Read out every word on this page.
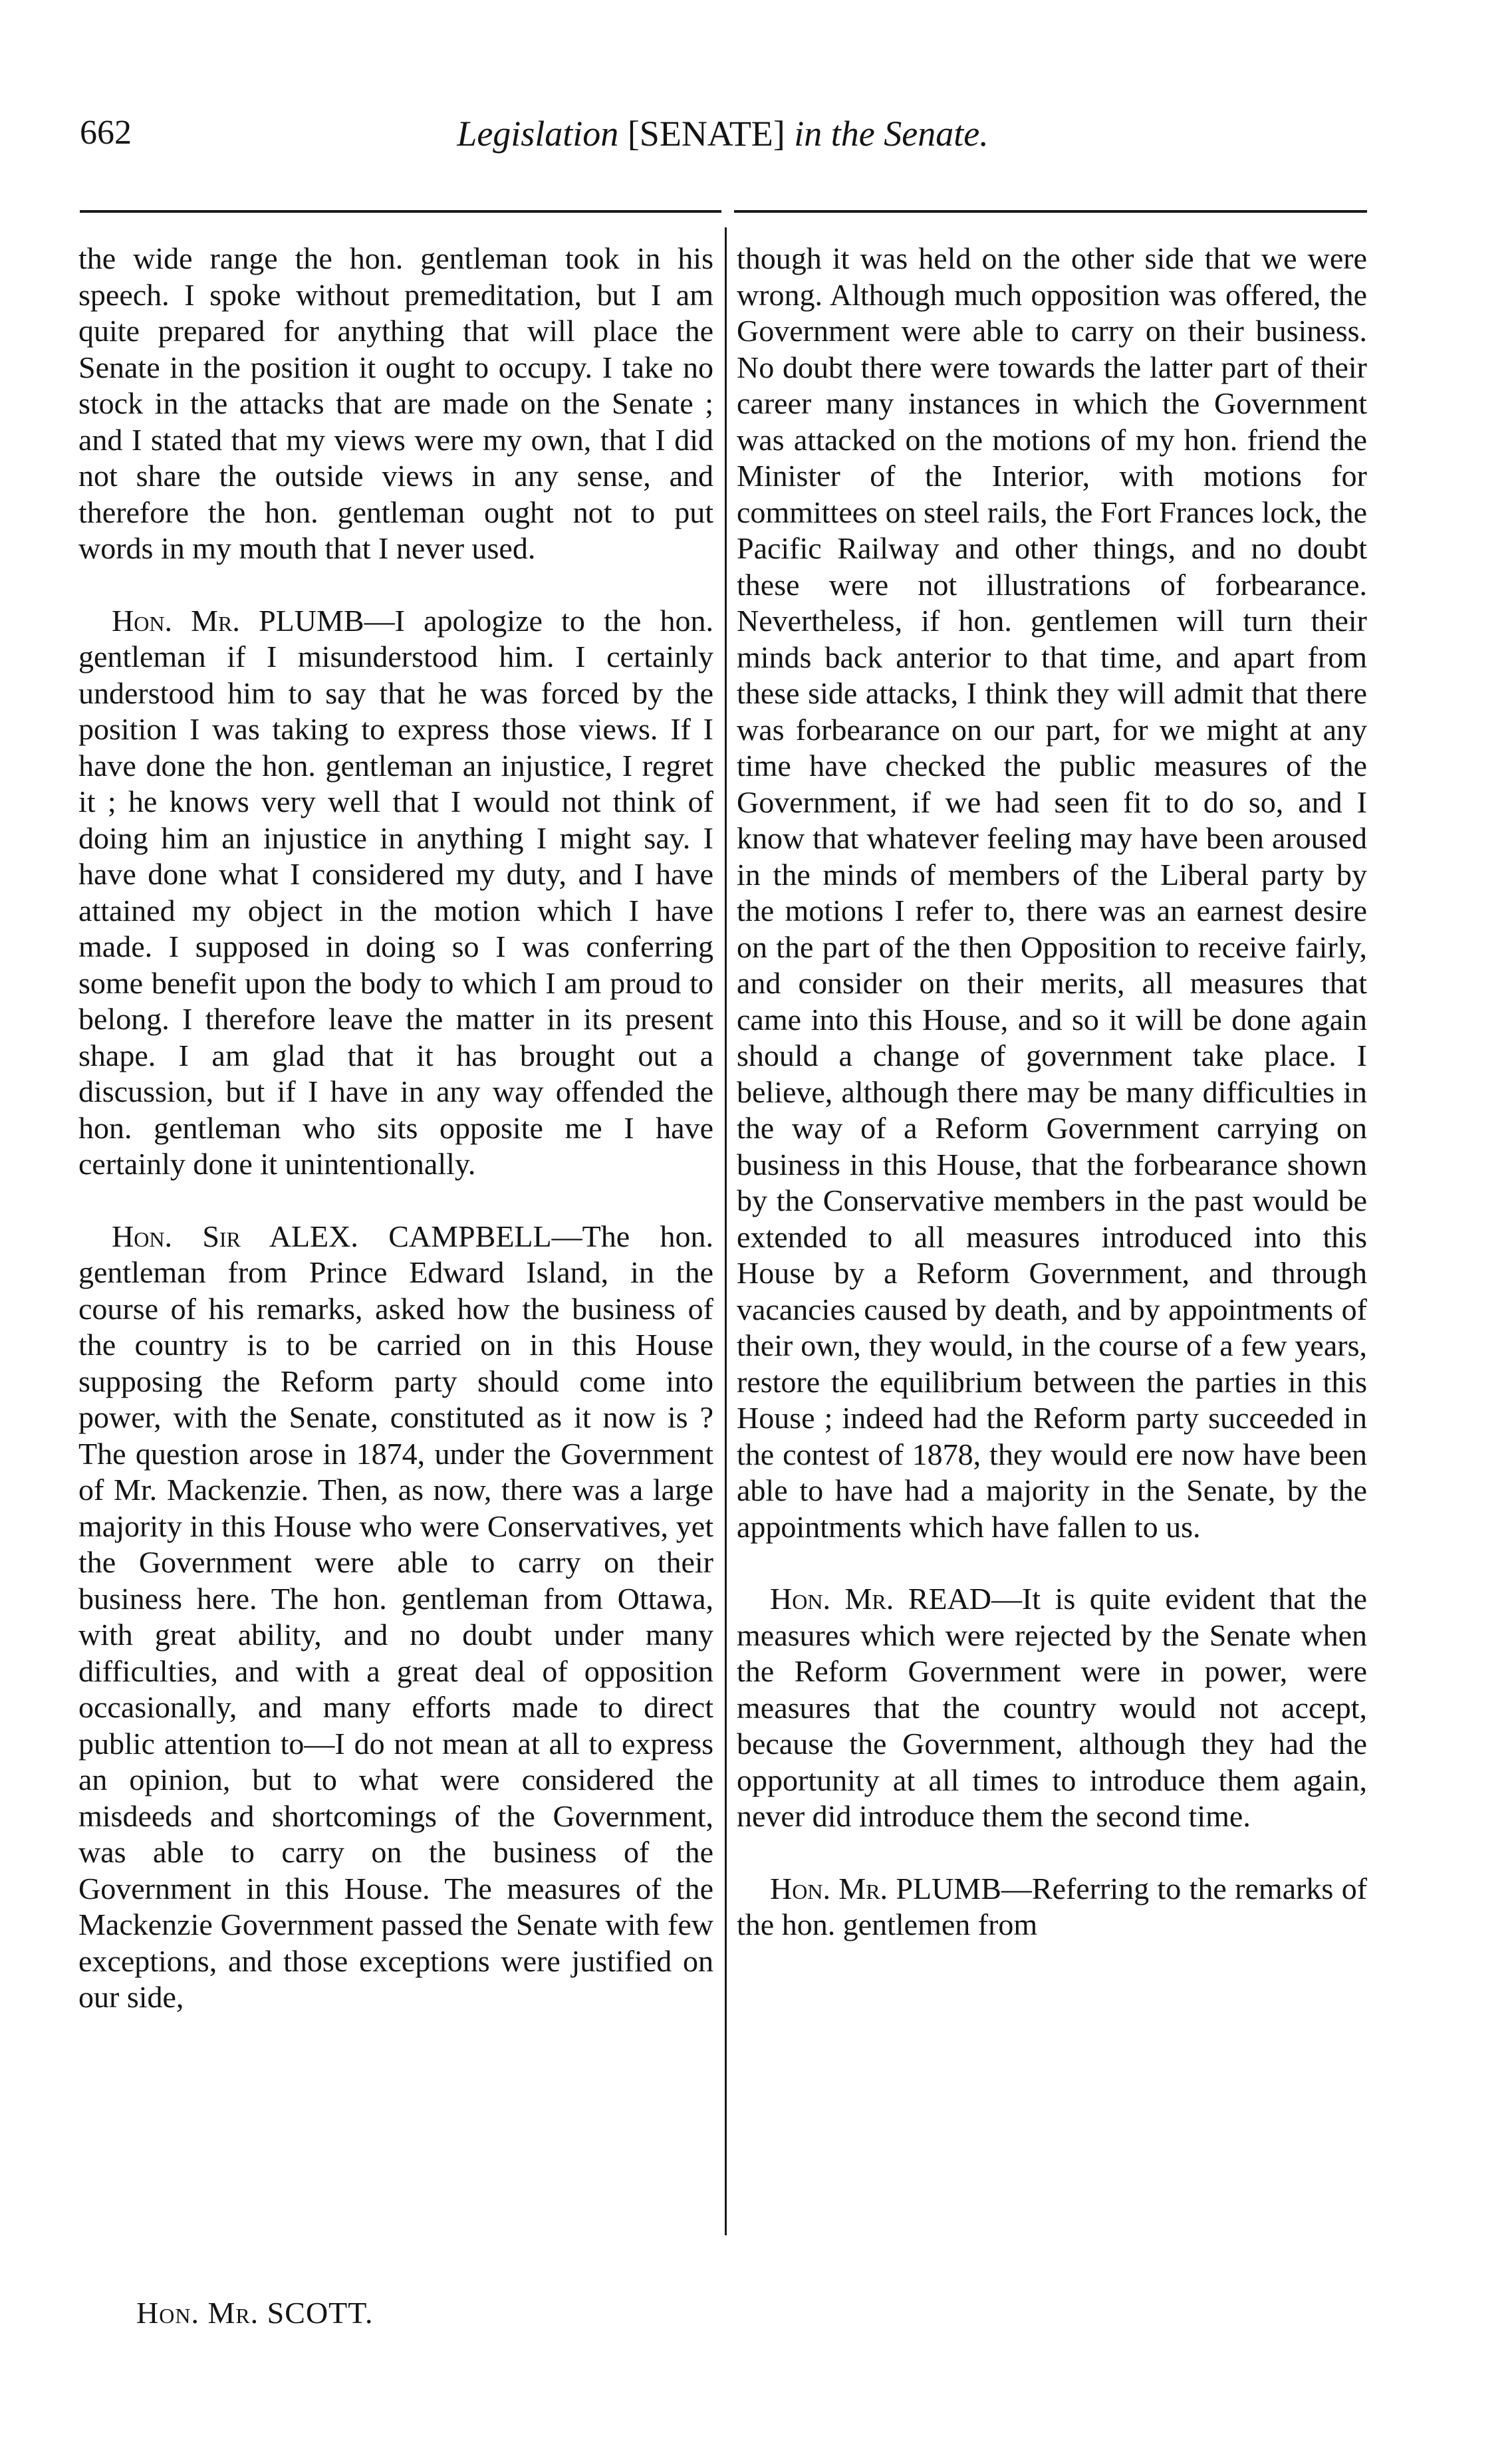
662	Legislation [SENATE] in the Senate.

the wide range the hon. gentleman took in his speech. I spoke without premeditation, but I am quite prepared for anything that will place the Senate in the position it ought to occupy. I take no stock in the attacks that are made on the Senate ; and I stated that my views were my own, that I did not share the outside views in any sense, and therefore the hon. gentleman ought not to put words in my mouth that I never used.

Hon. Mr. PLUMB—I apologize to the hon. gentleman if I misunderstood him. I certainly understood him to say that he was forced by the position I was taking to express those views. If I have done the hon. gentleman an injustice, I regret it ; he knows very well that I would not think of doing him an injustice in anything I might say. I have done what I considered my duty, and I have attained my object in the motion which I have made. I supposed in doing so I was conferring some benefit upon the body to which I am proud to belong. I therefore leave the matter in its present shape. I am glad that it has brought out a discussion, but if I have in any way offended the hon. gentleman who sits opposite me I have certainly done it unintentionally.

Hon. Sir ALEX. CAMPBELL—The hon. gentleman from Prince Edward Island, in the course of his remarks, asked how the business of the country is to be carried on in this House supposing the Reform party should come into power, with the Senate, constituted as it now is ? The question arose in 1874, under the Government of Mr. Mackenzie. Then, as now, there was a large majority in this House who were Conservatives, yet the Government were able to carry on their business here. The hon. gentleman from Ottawa, with great ability, and no doubt under many difficulties, and with a great deal of opposition occasionally, and many efforts made to direct public attention to—I do not mean at all to express an opinion, but to what were considered the misdeeds and shortcomings of the Government, was able to carry on the business of the Government in this House. The measures of the Mackenzie Government passed the Senate with few exceptions, and those exceptions were justified on our side,

though it was held on the other side that we were wrong. Although much opposition was offered, the Government were able to carry on their business. No doubt there were towards the latter part of their career many instances in which the Government was attacked on the motions of my hon. friend the Minister of the Interior, with motions for committees on steel rails, the Fort Frances lock, the Pacific Railway and other things, and no doubt these were not illustrations of forbearance. Nevertheless, if hon. gentlemen will turn their minds back anterior to that time, and apart from these side attacks, I think they will admit that there was forbearance on our part, for we might at any time have checked the public measures of the Government, if we had seen fit to do so, and I know that whatever feeling may have been aroused in the minds of members of the Liberal party by the motions I refer to, there was an earnest desire on the part of the then Opposition to receive fairly, and consider on their merits, all measures that came into this House, and so it will be done again should a change of government take place. I believe, although there may be many difficulties in the way of a Reform Government carrying on business in this House, that the forbearance shown by the Conservative members in the past would be extended to all measures introduced into this House by a Reform Government, and through vacancies caused by death, and by appointments of their own, they would, in the course of a few years, restore the equilibrium between the parties in this House ; indeed had the Reform party succeeded in the contest of 1878, they would ere now have been able to have had a majority in the Senate, by the appointments which have fallen to us.

Hon. Mr. READ—It is quite evident that the measures which were rejected by the Senate when the Reform Government were in power, were measures that the country would not accept, because the Government, although they had the opportunity at all times to introduce them again, never did introduce them the second time.

Hon. Mr. PLUMB—Referring to the remarks of the hon. gentlemen from

Hon. Mr. SCOTT.
